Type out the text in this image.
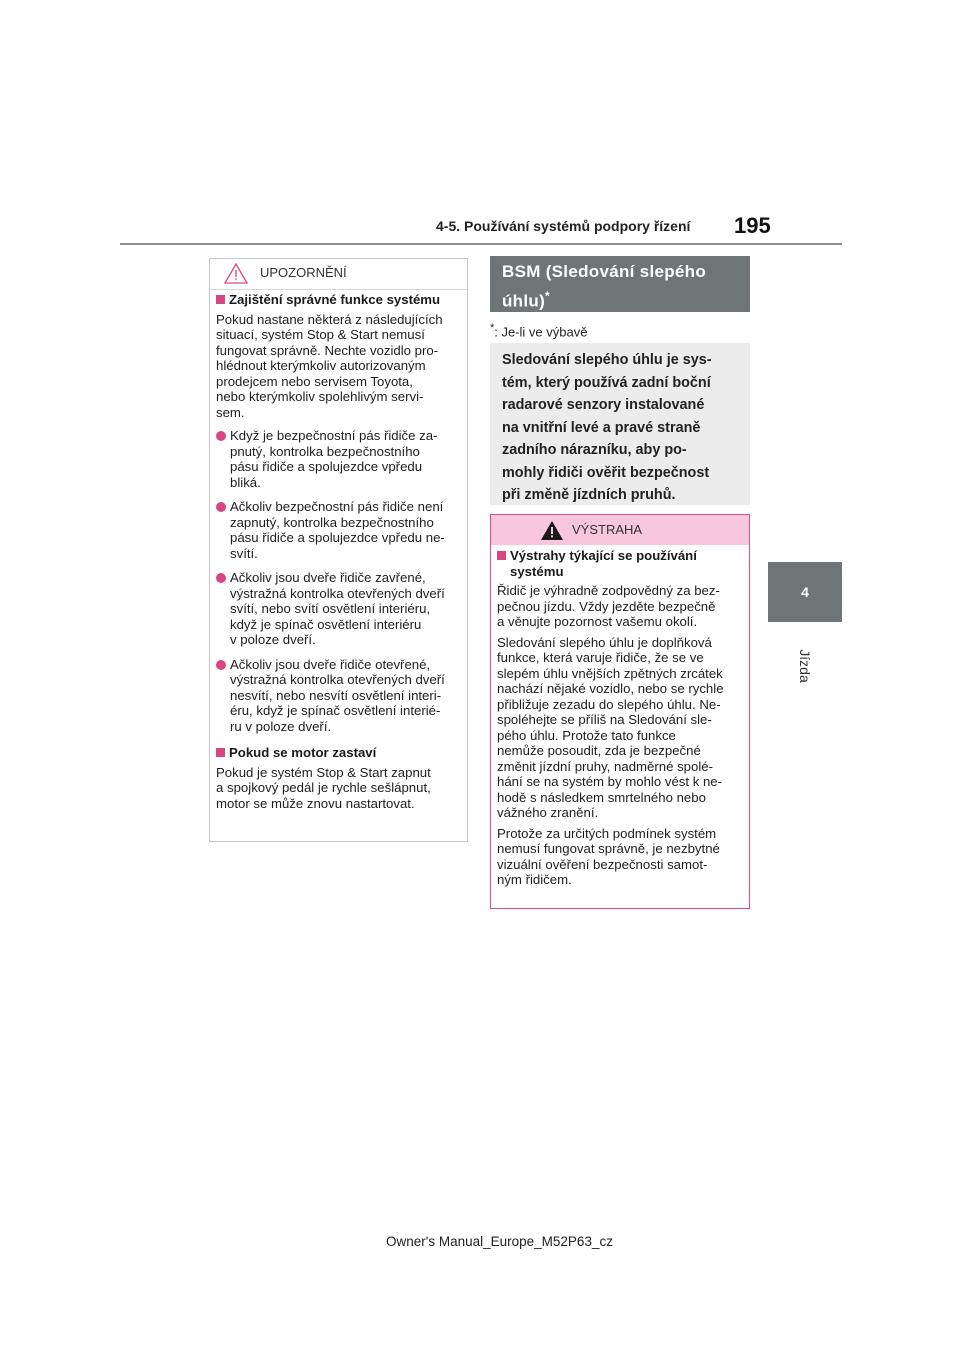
4-5. Používání systémů podpory řízení 195
4
Jízda
UPOZORNĚNÍ
Zajištění správné funkce systému
Pokud nastane některá z následujících
situací, systém Stop & Start nemusí
fungovat správně. Nechte vozidlo pro-
hlédnout kterýmkoliv autorizovaným
prodejcem nebo servisem Toyota,
nebo kterýmkoliv spolehlivým servi-
sem.
Když je bezpečnostní pás řidiče za-
pnutý, kontrolka bezpečnostního
pásu řidiče a spolujezdce vpředu
bliká.
Ačkoliv bezpečnostní pás řidiče není
zapnutý, kontrolka bezpečnostního
pásu řidiče a spolujezdce vpředu ne-
svítí.
Ačkoliv jsou dveře řidiče zavřené,
výstražná kontrolka otevřených dveří
svítí, nebo svítí osvětlení interiéru,
když je spínač osvětlení interiéru
v poloze dveří.
Ačkoliv jsou dveře řidiče otevřené,
výstražná kontrolka otevřených dveří
nesvítí, nebo nesvítí osvětlení interi-
éru, když je spínač osvětlení interié-
ru v poloze dveří.
Pokud se motor zastaví
Pokud je systém Stop & Start zapnut
a spojkový pedál je rychle sešlápnut,
motor se může znovu nastartovat.
BSM (Sledování slepého
úhlu)*
*: Je-li ve výbavě
Sledování slepého úhlu je sys-
tém, který používá zadní boční
radarové senzory instalované
na vnitřní levé a pravé straně
zadního nárazníku, aby po-
mohly řidiči ověřit bezpečnost
při změně jízdních pruhů.
VÝSTRAHA
Výstrahy týkající se používání
systému
Řidič je výhradně zodpovědný za bez-
pečnou jízdu. Vždy jezděte bezpečně
a věnujte pozornost vašemu okolí.
Sledování slepého úhlu je doplňková
funkce, která varuje řidiče, že se ve
slepém úhlu vnějších zpětných zrcátek
nachází nějaké vozidlo, nebo se rychle
přibližuje zezadu do slepého úhlu. Ne-
spoléhejte se příliš na Sledování sle-
pého úhlu. Protože tato funkce
nemůže posoudit, zda je bezpečné
změnit jízdní pruhy, nadměrné spolé-
hání se na systém by mohlo vést k ne-
hodě s následkem smrtelného nebo
vážného zranění.
Protože za určitých podmínek systém
nemusí fungovat správně, je nezbytné
vizuální ověření bezpečnosti samot-
ným řidičem.
Owner's Manual_Europe_M52P63_cz
